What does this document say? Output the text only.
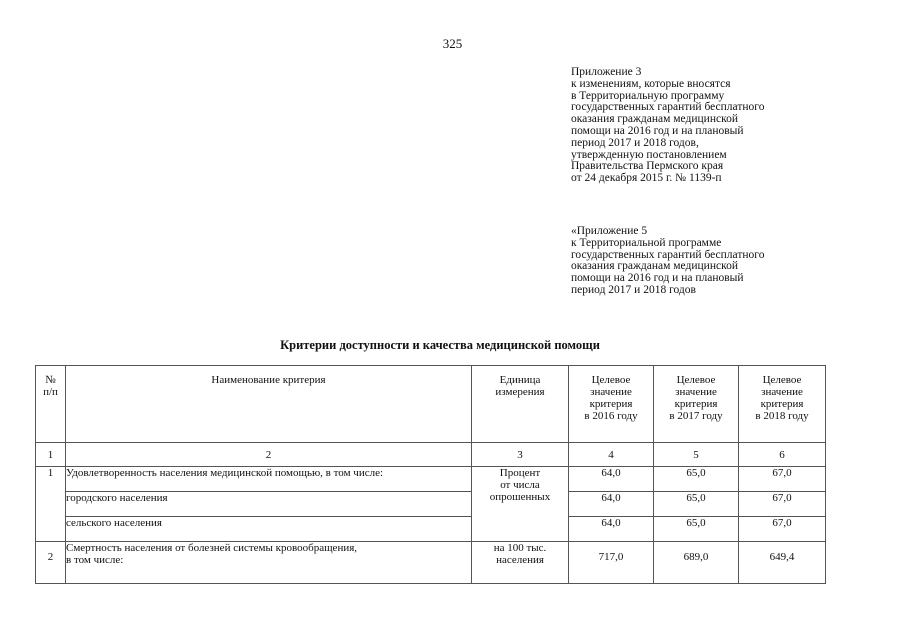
325
Приложение 3
к изменениям, которые вносятся
в Территориальную программу
государственных гарантий бесплатного
оказания гражданам медицинской
помощи на 2016 год и на плановый
период 2017 и 2018 годов,
утвержденную постановлением
Правительства Пермского края
от 24 декабря 2015 г. № 1139-п
«Приложение 5
к Территориальной программе
государственных гарантий бесплатного
оказания гражданам медицинской
помощи на 2016 год и на плановый
период 2017 и 2018 годов
Критерии доступности и качества медицинской помощи
№
п/п	Наименование критерия	Единица
измерения	Целевое
значение
критерия
в 2016 году	Целевое
значение
критерия
в 2017 году	Целевое
значение
критерия
в 2018 году

1	2	3	4	5	6
1	Удовлетворенность населения медицинской помощью, в том числе:	Процент
от числа
опрошенных	64,0	65,0	67,0
	городского населения		64,0	65,0	67,0
	сельского населения		64,0	65,0	67,0
2	Смертность населения от болезней системы кровообращения,
в том числе:	на 100 тыс.
населения	717,0	689,0	649,4
